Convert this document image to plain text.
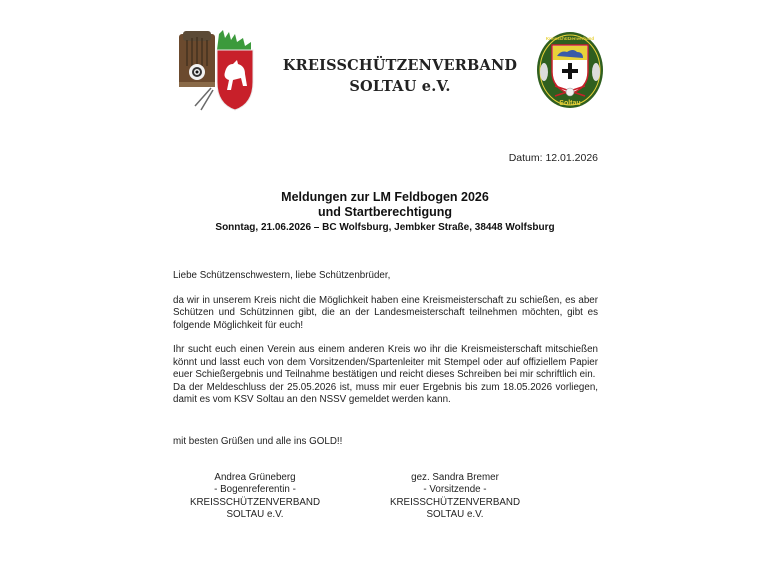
KREISSCHÜTZENVERBAND
SOLTAU e.V.
Soltau
Kreisschützenverband
Datum: 12.01.2026
Meldungen zur LM Feldbogen 2026
und Startberechtigung
Sonntag, 21.06.2026 – BC Wolfsburg, Jembker Straße, 38448 Wolfsburg

Liebe Schützenschwestern, liebe Schützenbrüder,

da wir in unserem Kreis nicht die Möglichkeit haben eine Kreismeisterschaft zu schießen, es aber Schützen und Schützinnen gibt, die an der Landesmeisterschaft teilnehmen möchten, gibt es folgende Möglichkeit für euch!

Ihr sucht euch einen Verein aus einem anderen Kreis wo ihr die Kreismeisterschaft mitschießen könnt und lasst euch von dem Vorsitzenden/Spartenleiter mit Stempel oder auf offiziellem Papier euer Schießergebnis und Teilnahme bestätigen und reicht dieses Schreiben bei mir schriftlich ein.

Da der Meldeschluss der 25.05.2026 ist, muss mir euer Ergebnis bis zum 18.05.2026 vorliegen, damit es vom KSV Soltau an den NSSV gemeldet werden kann.

mit besten Grüßen und alle ins GOLD!!
Andrea Grüneberg
- Bogenreferentin -
KREISSCHÜTZENVERBAND
SOLTAU e.V.
gez. Sandra Bremer
- Vorsitzende -
KREISSCHÜTZENVERBAND
SOLTAU e.V.
